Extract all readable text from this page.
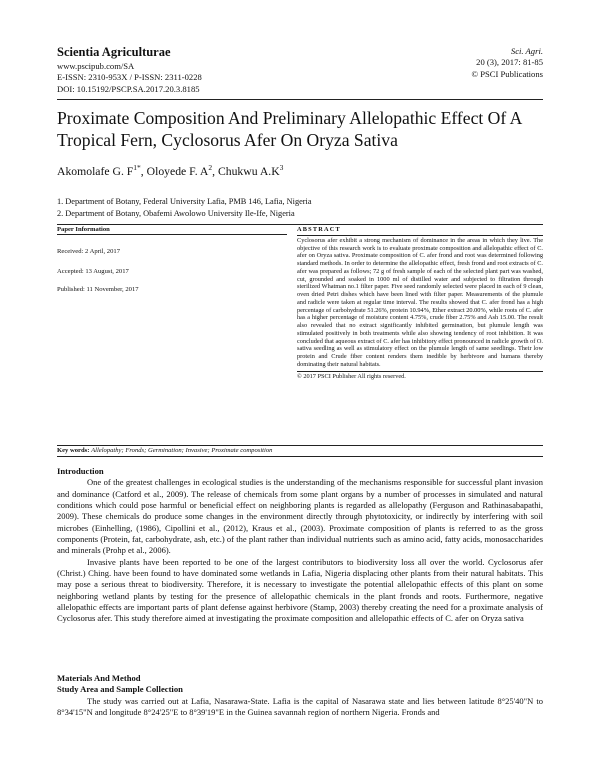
Scientia Agriculturae
www.pscipub.com/SA
E-ISSN: 2310-953X / P-ISSN: 2311-0228
DOI: 10.15192/PSCP.SA.2017.20.3.8185
Sci. Agri.
20 (3), 2017: 81-85
© PSCI Publications
Proximate Composition And Preliminary Allelopathic Effect Of A Tropical Fern, Cyclosorus Afer On Oryza Sativa
Akomolafe G. $F^{1*}$, Oloyede F. $A^2$, Chukwu $A.K^3$
1. Department of Botany, Federal University Lafia, PMB 146, Lafia, Nigeria
2. Department of Botany, Obafemi Awolowo University Ile-Ife, Nigeria
Paper Information
Received: 2 April, 2017
Accepted: 13 August, 2017
Published: 11 November, 2017
ABSTRACT
Cyclosorus afer exhibit a strong mechanism of dominance in the areas in which they live. The objective of this research work is to evaluate proximate composition and allelopathic effect of C. afer on Oryza sativa. Proximate composition of C. afer frond and root was determined following standard methods. In order to determine the allelopathic effect, fresh frond and root extracts of C. afer was prepared as follows; 72 g of fresh sample of each of the selected plant part was washed, cut, grounded and soaked in 1000 ml of distilled water and subjected to filtration through sterilized Whatman no.1 filter paper. Five seed randomly selected were placed in each of 9 clean, oven dried Petri dishes which have been lined with filter paper. Measurements of the plumule and radicle were taken at regular time interval. The results showed that C. afer frond has a high percentage of carbohydrate 51.26%, protein 10.94%, Ether extract 20.00%, while roots of C. afer has a higher percentage of moisture content 4.75%, crude fiber 2.75% and Ash 15.00. The result also revealed that no extract significantly inhibited germination, but plumule length was stimulated positively in both treatments while also showing tendency of root inhibition. It was concluded that aqueous extract of C. afer has inhibitory effect pronounced in radicle growth of O. sativa seedling as well as stimulatory effect on the plumule length of same seedlings. Their low protein and Crude fiber content renders them inedible by herbivore and humans thereby dominating their natural habitats.
© 2017 PSCI Publisher All rights reserved.
Key words: Allelopathy; Fronds; Germination; Invasive; Proximate composition
Introduction
One of the greatest challenges in ecological studies is the understanding of the mechanisms responsible for successful plant invasion and dominance (Catford et al., 2009). The release of chemicals from some plant organs by a number of processes in simulated and natural conditions which could pose harmful or beneficial effect on neighboring plants is regarded as allelopathy (Ferguson and Rathinasabapathi, 2009). These chemicals do produce some changes in the environment directly through phytotoxicity, or indirectly by interfering with soil microbes (Einhelling, (1986), Cipollini et al., (2012), Kraus et al., (2003). Proximate composition of plants is referred to as the gross components (Protein, fat, carbohydrate, ash, etc.) of the plant rather than individual nutrients such as amino acid, fatty acids, monosaccharides and minerals (Prohp et al., 2006).
Invasive plants have been reported to be one of the largest contributors to biodiversity loss all over the world. Cyclosorus afer (Christ.) Ching. have been found to have dominated some wetlands in Lafia, Nigeria displacing other plants from their natural habitats. This may pose a serious threat to biodiversity. Therefore, it is necessary to investigate the potential allelopathic effects of this plant on some neighboring wetland plants by testing for the presence of allelopathic chemicals in the plant fronds and roots. Furthermore, negative allelopathic effects are important parts of plant defense against herbivore (Stamp, 2003) thereby creating the need for a proximate analysis of Cyclosorus afer. This study therefore aimed at investigating the proximate composition and allelopathic effects of C. afer on Oryza sativa
Materials And Method
Study Area and Sample Collection
The study was carried out at Lafia, Nasarawa-State. Lafia is the capital of Nasarawa state and lies between latitude 8°25'40"N to 8°34'15"N and longitude 8°24'25"E to 8°39'19"E in the Guinea savannah region of northern Nigeria. Fronds and
